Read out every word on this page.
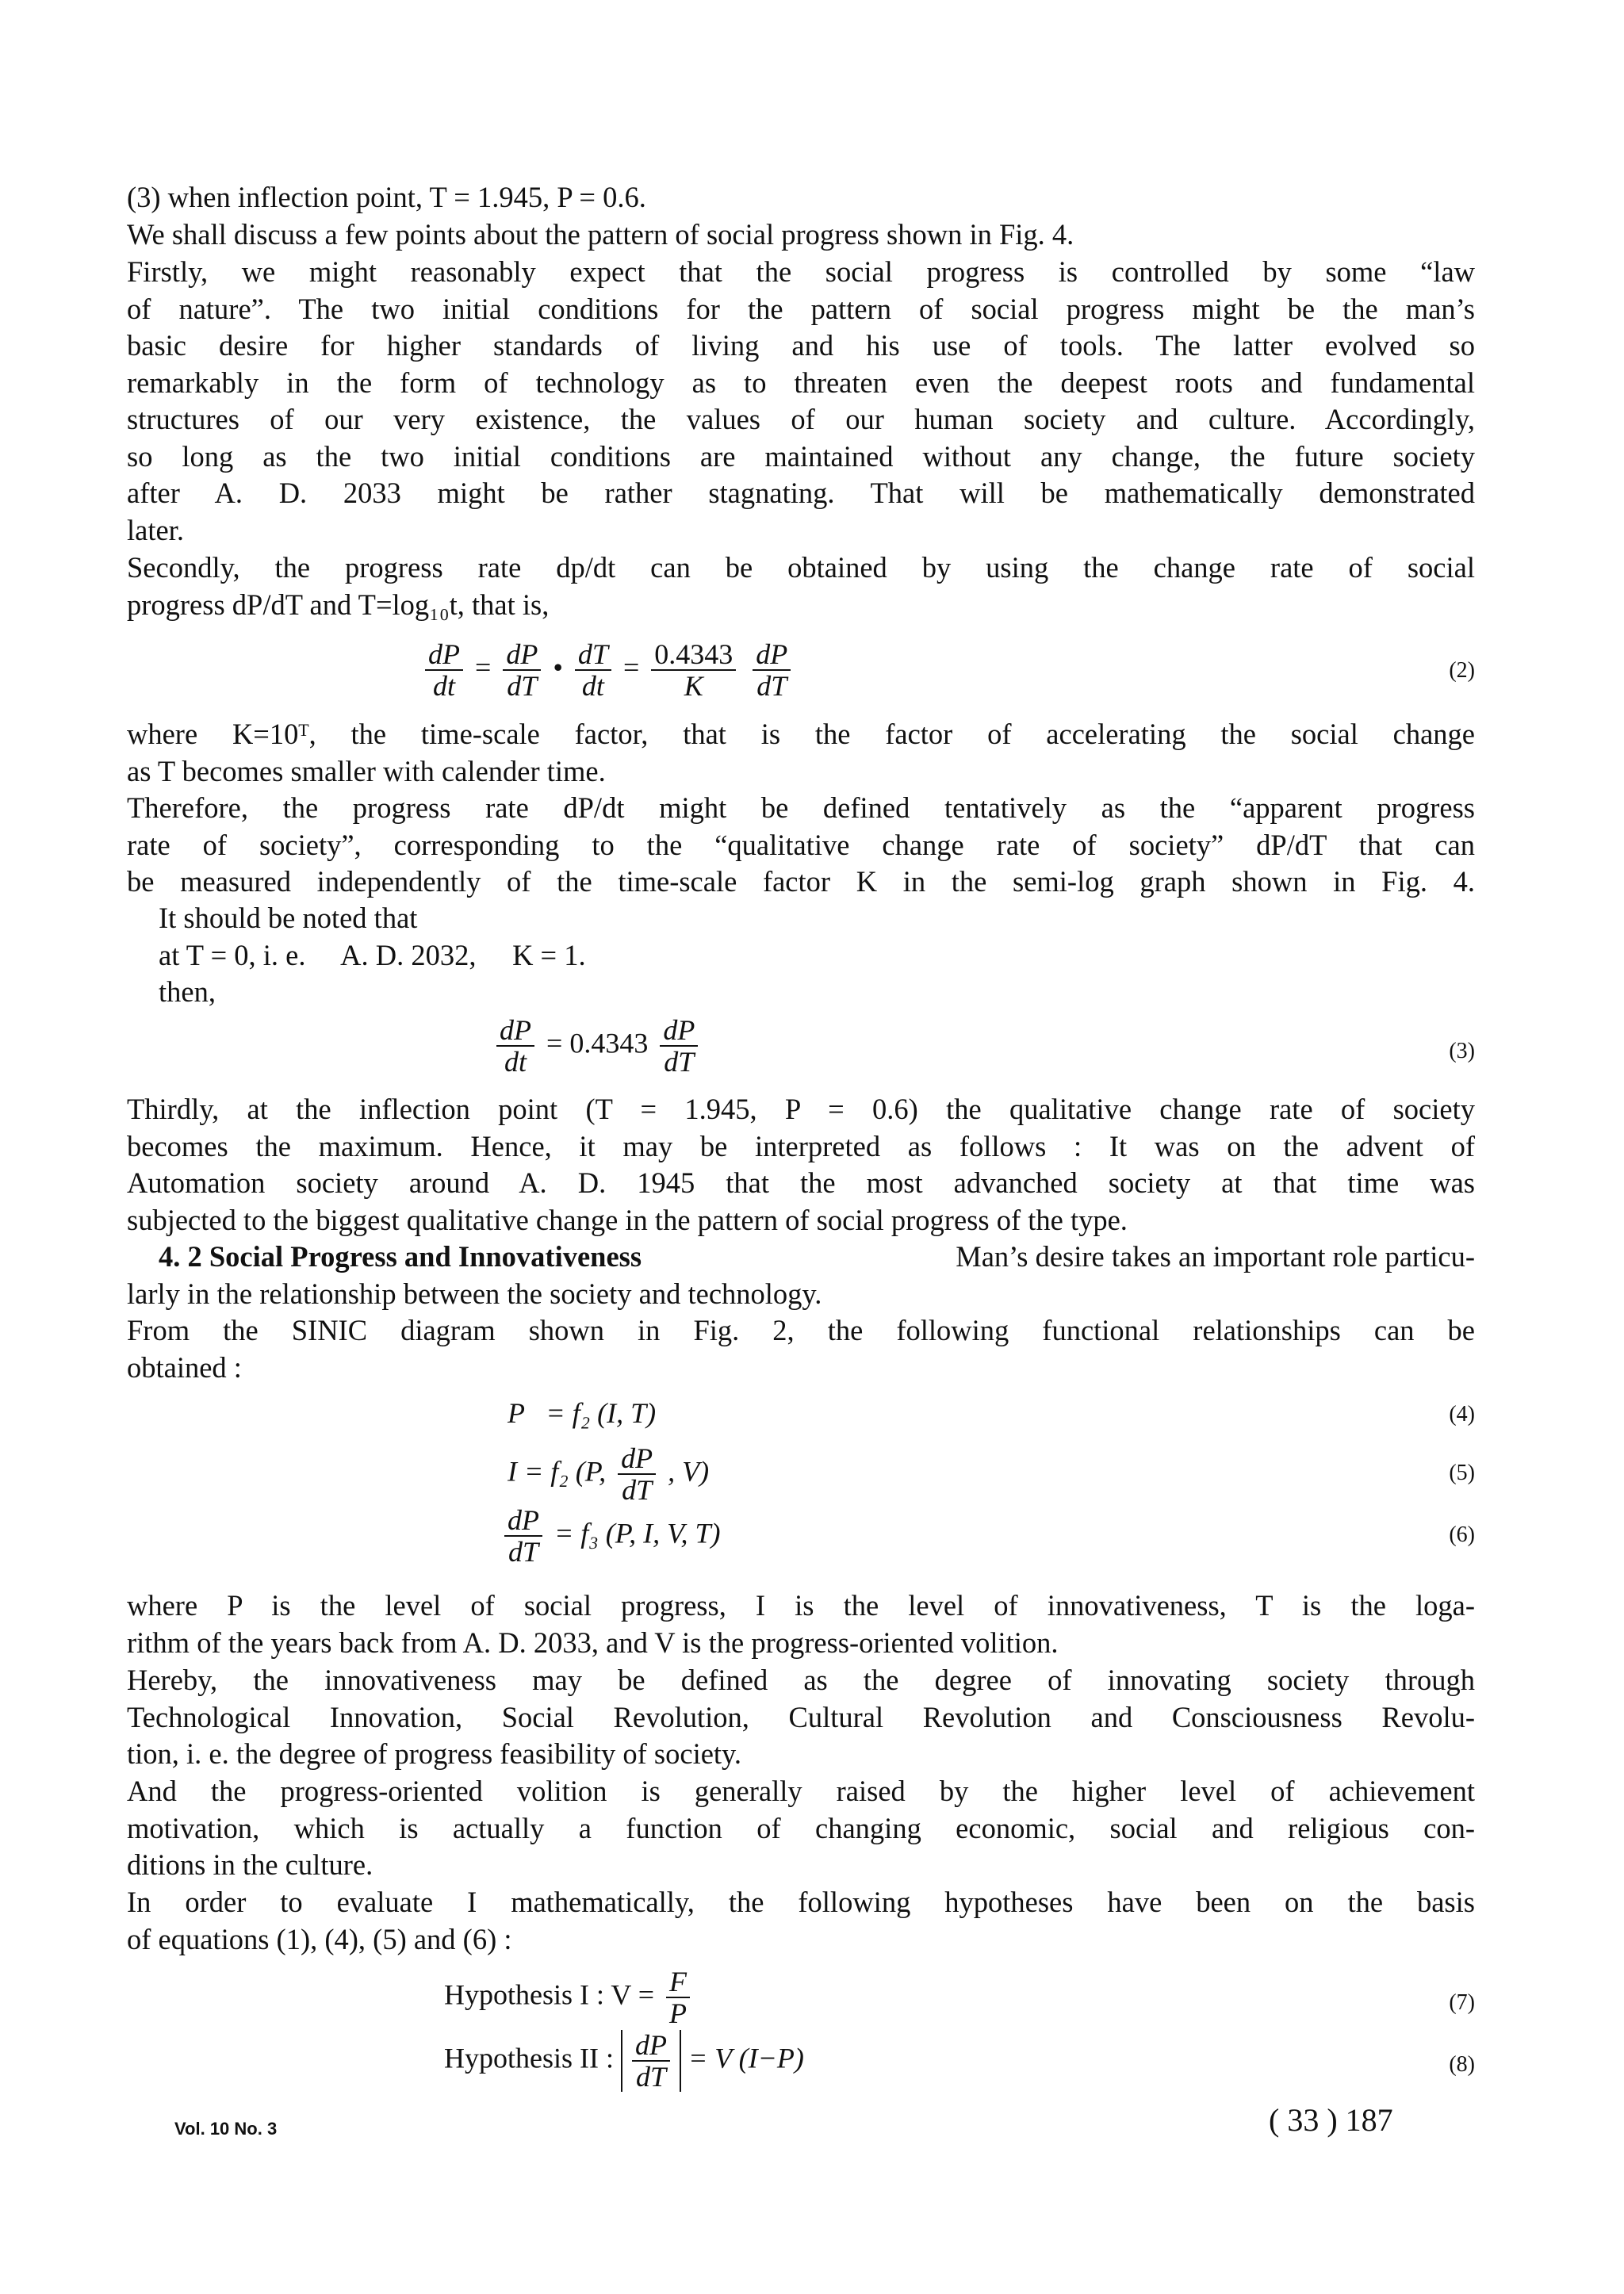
(3) when inflection point, T = 1.945, P = 0.6.
We shall discuss a few points about the pattern of social progress shown in Fig. 4.
Firstly, we might reasonably expect that the social progress is controlled by some “law
of nature”. The two initial conditions for the pattern of social progress might be the man’s
basic desire for higher standards of living and his use of tools. The latter evolved so
remarkably in the form of technology as to threaten even the deepest roots and fundamental
structures of our very existence, the values of our human society and culture. Accordingly,
so long as the two initial conditions are maintained without any change, the future society
after A. D. 2033 might be rather stagnating. That will be mathematically demonstrated
later.
Secondly, the progress rate dp/dt can be obtained by using the change rate of social
progress dP/dT and T=log₁₀t, that is,
$\frac{dP}{dt} = \frac{dP}{dT}$ • $\frac{dT}{dt} = \frac{0.4343}{K}$
$\frac{dP}{dT}$	(2)
where K=10ᵀ, the time-scale factor, that is the factor of accelerating the social change
as T becomes smaller with calender time.
Therefore, the progress rate dP/dt might be defined tentatively as the “apparent progress
rate of society”, corresponding to the “qualitative change rate of society” dP/dT that can
be measured independently of the time-scale factor K in the semi-log graph shown in Fig. 4.
It should be noted that
at T = 0, i. e.     A. D. 2032,     K = 1.
then,
$\frac{dP}{dt} = 0.4343 \frac{dP}{dT}$	(3)
Thirdly, at the inflection point (T = 1.945, P = 0.6) the qualitative change rate of society
becomes the maximum. Hence, it may be interpreted as follows : It was on the advent of
Automation society around A. D. 1945 that the most advanched society at that time was
subjected to the biggest qualitative change in the pattern of social progress of the type.
4. 2 Social Progress and Innovativeness	Man’s desire takes an important role particu-
larly in the relationship between the society and technology.
From the SINIC diagram shown in Fig. 2, the following functional relationships can be
obtained :
P   = f₂ (I, T)	(4)
I = f₂ (P, $\frac{dP}{dT}$ , V)	(5)
$\frac{dP}{dT} = f_3$ (P, I, V, T)	(6)
where P is the level of social progress, I is the level of innovativeness, T is the loga-
rithm of the years back from A. D. 2033, and V is the progress-oriented volition.
Hereby, the innovativeness may be defined as the degree of innovating society through
Technological Innovation, Social Revolution, Cultural Revolution and Consciousness Revolu-
tion, i. e. the degree of progress feasibility of society.
And the progress-oriented volition is generally raised by the higher level of achievement
motivation, which is actually a function of changing economic, social and religious con-
ditions in the culture.
In order to evaluate I mathematically, the following hypotheses have been on the basis
of equations (1), (4), (5) and (6) :
Hypothesis I : $V = \frac{F}{P}$	(7)
Hypothesis II : $\frac{dP}{dT} = V$ (I−P)	(8)
Vol. 10 No. 3	( 33 ) 187
